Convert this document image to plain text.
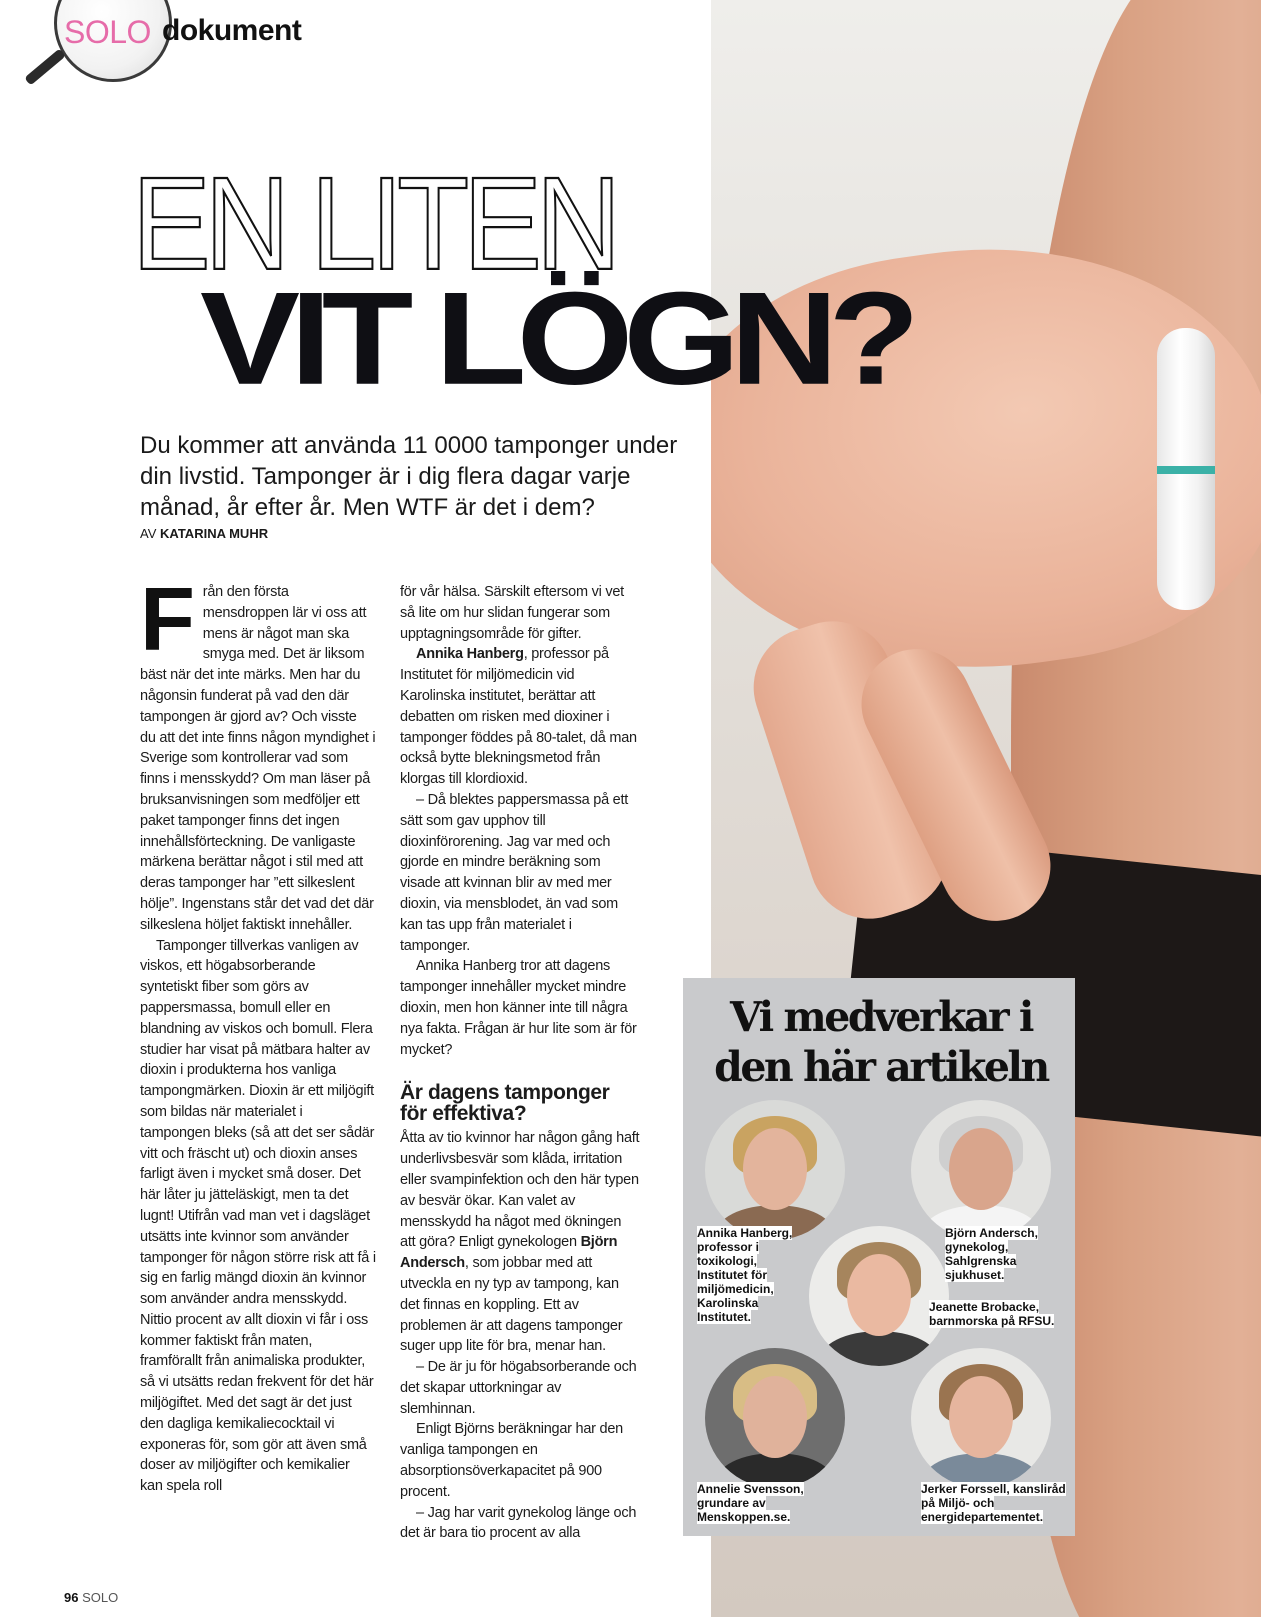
SOLO dokument
EN LITEN
VIT LÖGN?
Du kommer att använda 11 0000 tamponger under din livstid. Tamponger är i dig flera dagar varje månad, år efter år. Men WTF är det i dem?
AV KATARINA MUHR

Från den första mensdroppen lär vi oss att mens är något man ska smyga med. Det är liksom bäst när det inte märks. Men har du någonsin funderat på vad den där tampongen är gjord av? Och visste du att det inte finns någon myndighet i Sverige som kontrollerar vad som finns i mensskydd? Om man läser på bruksanvisningen som medföljer ett paket tamponger finns det ingen innehållsförteckning. De vanligaste märkena berättar något i stil med att deras tamponger har ”ett silkeslent hölje”. Ingenstans står det vad det där silkeslena höljet faktiskt innehåller.

Tamponger tillverkas vanligen av viskos, ett högabsorberande syntetiskt fiber som görs av pappersmassa, bomull eller en blandning av viskos och bomull. Flera studier har visat på mätbara halter av dioxin i produkterna hos vanliga tampongmärken. Dioxin är ett miljögift som bildas när materialet i tampongen bleks (så att det ser sådär vitt och fräscht ut) och dioxin anses farligt även i mycket små doser. Det här låter ju jätteläskigt, men ta det lugnt! Utifrån vad man vet i dagsläget utsätts inte kvinnor som använder tamponger för någon större risk att få i sig en farlig mängd dioxin än kvinnor som använder andra mensskydd. Nittio procent av allt dioxin vi får i oss kommer faktiskt från maten, framförallt från animaliska produkter, så vi utsätts redan frekvent för det här miljögiftet. Med det sagt är det just den dagliga kemikaliecocktail vi exponeras för, som gör att även små doser av miljögifter och kemikalier kan spela roll

för vår hälsa. Särskilt eftersom vi vet så lite om hur slidan fungerar som upptagningsområde för gifter.

Annika Hanberg, professor på Institutet för miljömedicin vid Karolinska institutet, berättar att debatten om risken med dioxiner i tamponger föddes på 80-talet, då man också bytte blekningsmetod från klorgas till klordioxid.

– Då blektes pappersmassa på ett sätt som gav upphov till dioxinförorening. Jag var med och gjorde en mindre beräkning som visade att kvinnan blir av med mer dioxin, via mensblodet, än vad som kan tas upp från materialet i tamponger.

Annika Hanberg tror att dagens tamponger innehåller mycket mindre dioxin, men hon känner inte till några nya fakta. Frågan är hur lite som är för mycket?

Är dagens tamponger för effektiva?

Åtta av tio kvinnor har någon gång haft underlivsbesvär som klåda, irritation eller svampinfektion och den här typen av besvär ökar. Kan valet av mensskydd ha något med ökningen att göra? Enligt gynekologen Björn Andersch, som jobbar med att utveckla en ny typ av tampong, kan det finnas en koppling. Ett av problemen är att dagens tamponger suger upp lite för bra, menar han.

– De är ju för högabsorberande och det skapar uttorkningar av slemhinnan.

Enligt Björns beräkningar har den vanliga tampongen en absorptionsöverkapacitet på 900 procent.

– Jag har varit gynekolog länge och det är bara tio procent av alla

Vi medverkar i den här artikeln
Annika Hanberg, professor i toxikologi, Institutet för miljömedicin, Karolinska Institutet.
Björn Andersch, gynekolog, Sahlgrenska sjukhuset.
Jeanette Brobacke, barnmorska på RFSU.
Annelie Svensson, grundare av Menskoppen.se.
Jerker Forssell, kansliråd på Miljö- och energidepartementet.
96 SOLO
